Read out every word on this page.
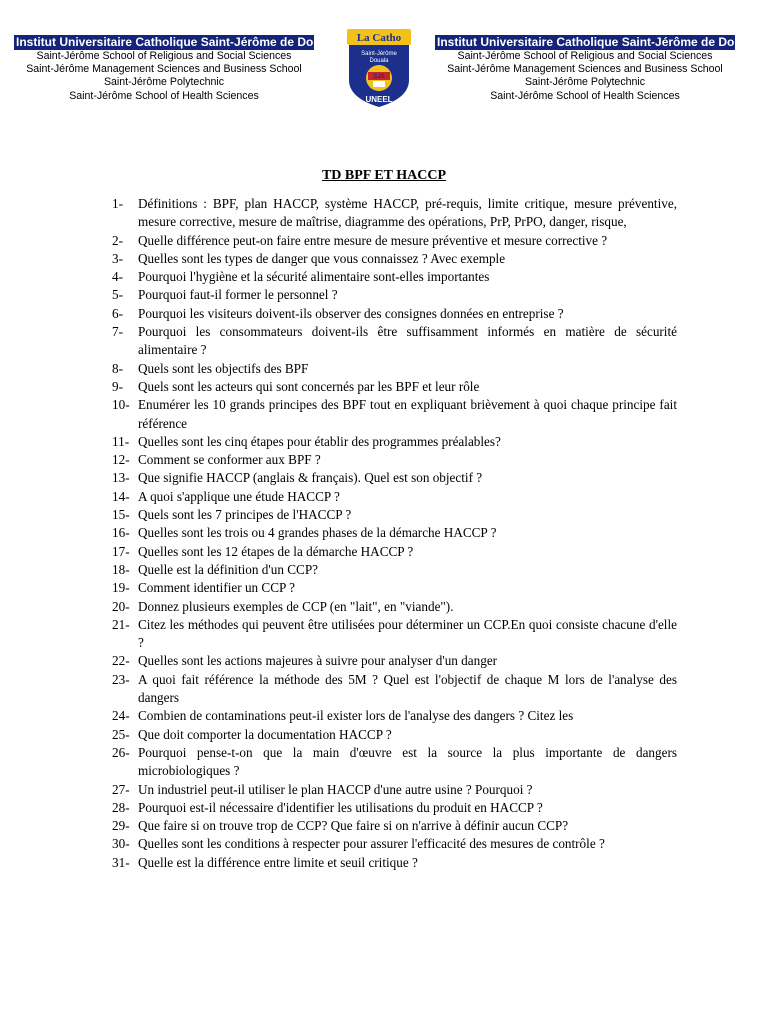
Institut Universitaire Catholique Saint-Jérôme de Douala
Saint-Jérôme School of Religious and Social Sciences
Saint-Jérôme Management Sciences and Business School
Saint-Jérôme Polytechnic
Saint-Jérôme School of Health Sciences
La Catho
Saint-Jérôme
Douala
SJS
UNEEL
Institut Universitaire Catholique Saint-Jérôme de Douala
Saint-Jérôme School of Religious and Social Sciences
Saint-Jérôme Management Sciences and Business School
Saint-Jérôme Polytechnic
Saint-Jérôme School of Health Sciences
TD BPF ET HACCP
1-	Définitions : BPF, plan HACCP, système HACCP, pré-requis, limite critique, mesure préventive, mesure corrective, mesure de maîtrise, diagramme des opérations, PrP, PrPO, danger, risque,
2-	Quelle différence peut-on faire entre mesure de mesure préventive et mesure corrective ?
3-	Quelles sont les types de danger que vous connaissez ? Avec exemple
4-	Pourquoi l'hygiène et la sécurité alimentaire sont-elles importantes
5-	Pourquoi faut-il former le personnel ?
6-	Pourquoi les visiteurs doivent-ils observer des consignes données en entreprise ?
7-	Pourquoi les consommateurs doivent-ils être suffisamment informés en matière de sécurité alimentaire ?
8-	Quels sont les objectifs des BPF
9-	Quels sont les acteurs qui sont concernés par les BPF et leur rôle
10- Enumérer les 10 grands principes des BPF tout en expliquant brièvement à quoi chaque principe fait référence
11- Quelles sont les cinq étapes pour établir des programmes préalables?
12- Comment se conformer aux BPF ?
13- Que signifie HACCP (anglais & français). Quel est son objectif ?
14- A quoi s'applique une étude HACCP ?
15- Quels sont les 7 principes de l'HACCP ?
16- Quelles sont les trois ou 4 grandes phases de la démarche HACCP ?
17- Quelles sont les 12 étapes de la démarche HACCP ?
18- Quelle est la définition d'un CCP?
19- Comment identifier un CCP ?
20- Donnez plusieurs exemples de CCP (en "lait", en "viande").
21- Citez les méthodes qui peuvent être utilisées pour déterminer un CCP.En quoi consiste chacune d'elle ?
22- Quelles sont les actions majeures à suivre pour analyser d'un danger
23- A quoi fait référence la méthode des 5M ? Quel est l'objectif de chaque M lors de l'analyse des dangers
24- Combien de contaminations peut-il exister lors de l'analyse des dangers ? Citez les
25- Que doit comporter la documentation HACCP ?
26- Pourquoi pense-t-on que la main d'œuvre est la source la plus importante de dangers microbiologiques ?
27- Un industriel peut-il utiliser le plan HACCP d'une autre usine ? Pourquoi ?
28- Pourquoi est-il nécessaire d'identifier les utilisations du produit en HACCP ?
29- Que faire si on trouve trop de CCP? Que faire si on n'arrive à définir aucun CCP?
30- Quelles sont les conditions à respecter pour assurer l'efficacité des mesures de contrôle ?
31- Quelle est la différence entre limite et seuil critique ?
